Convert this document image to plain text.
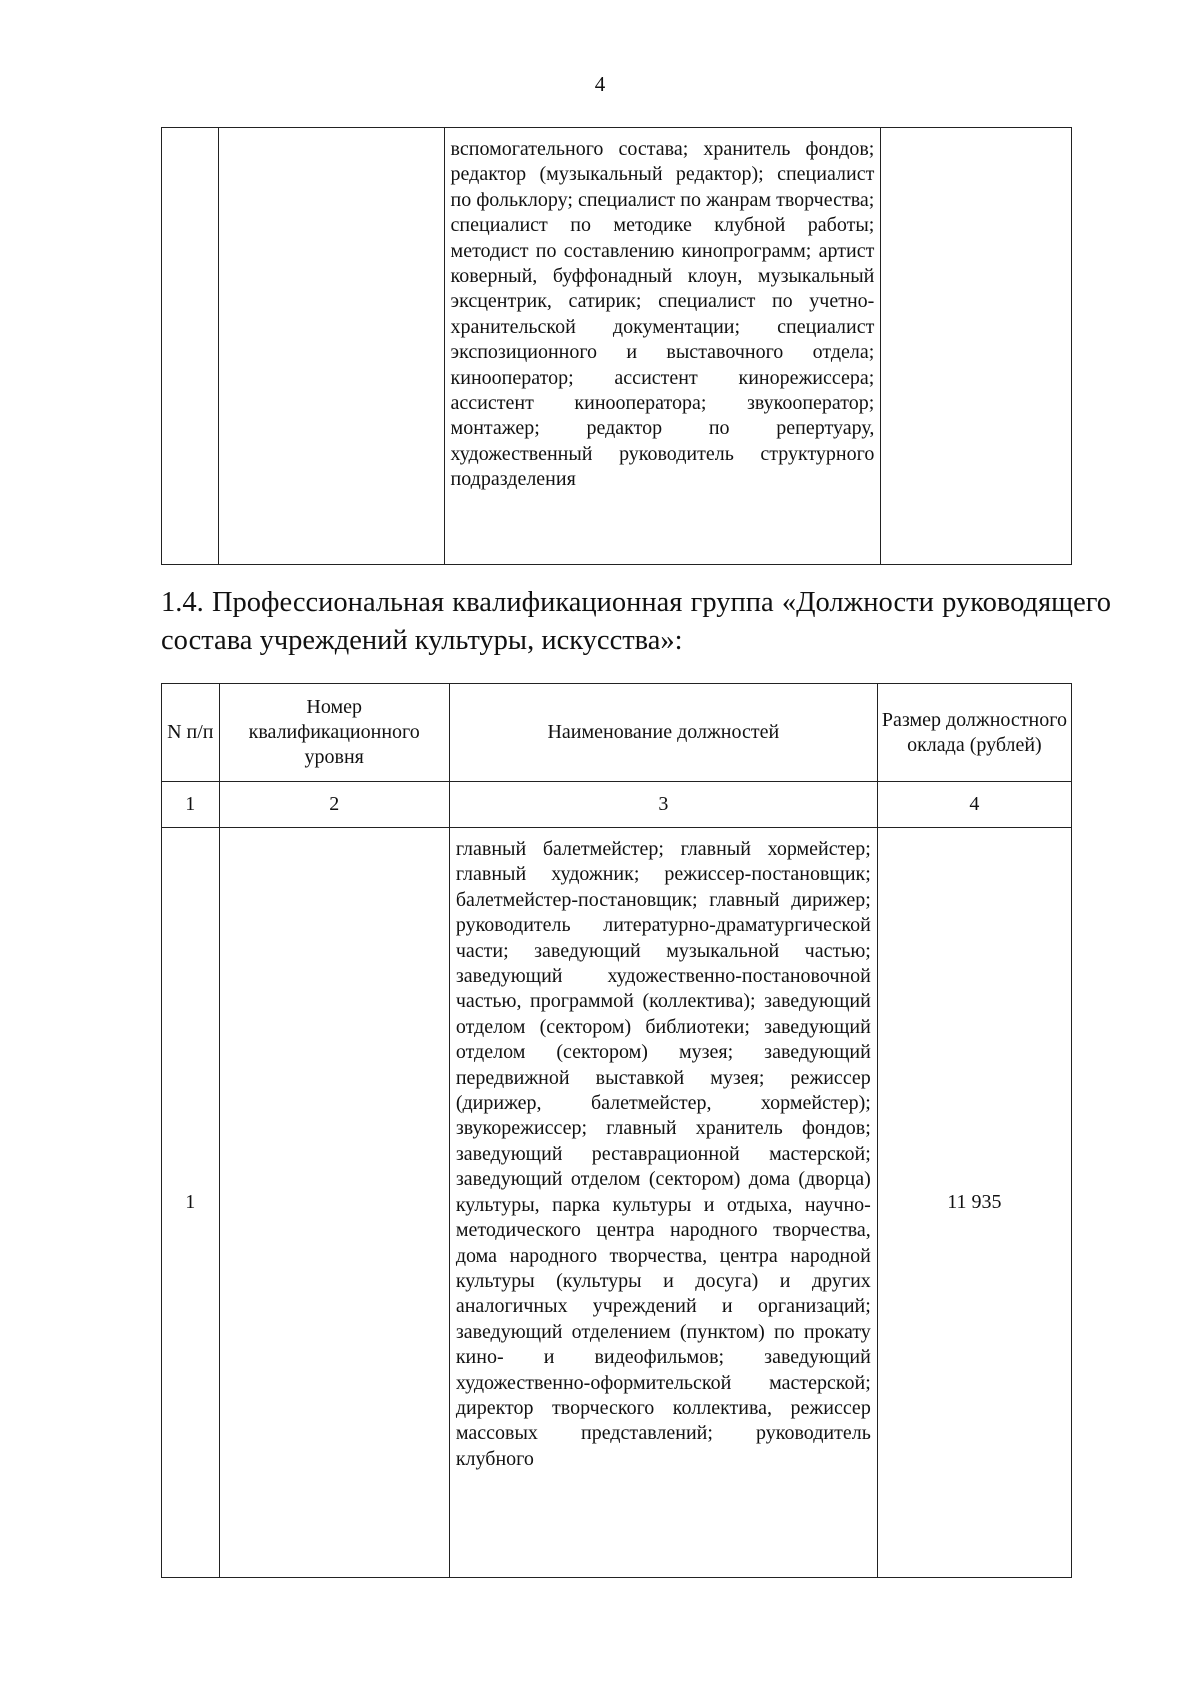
4
		вспомогательного состава; хранитель фондов; редактор (музыкальный редактор); специалист по фольклору; специалист по жанрам творчества; специалист по методике клубной работы; методист по составлению кинопрограмм; артист коверный, буффонадный клоун, музыкальный эксцентрик, сатирик; специалист по учетно-хранительской документации; специалист экспозиционного и выставочного отдела; кинооператор; ассистент кинорежиссера; ассистент кинооператора; звукооператор; монтажер; редактор по репертуару, художественный руководитель структурного подразделения	
1.4. Профессиональная квалификационная группа «Должности руководящего состава учреждений культуры, искусства»:
N п/п	Номер квалификационного уровня	Наименование должностей	Размер должностного оклада (рублей)
1	2	3	4
1		главный балетмейстер; главный хормейстер; главный художник; режиссер-постановщик; балетмейстер-постановщик; главный дирижер; руководитель литературно-драматургической части; заведующий музыкальной частью; заведующий художественно-постановочной частью, программой (коллектива); заведующий отделом (сектором) библиотеки; заведующий отделом (сектором) музея; заведующий передвижной выставкой музея; режиссер (дирижер, балетмейстер, хормейстер); звукорежиссер; главный хранитель фондов; заведующий реставрационной мастерской; заведующий отделом (сектором) дома (дворца) культуры, парка культуры и отдыха, научно-методического центра народного творчества, дома народного творчества, центра народной культуры (культуры и досуга) и других аналогичных учреждений и организаций; заведующий отделением (пунктом) по прокату кино- и видеофильмов; заведующий художественно-оформительской мастерской; директор творческого коллектива, режиссер массовых представлений; руководитель клубного	11 935
